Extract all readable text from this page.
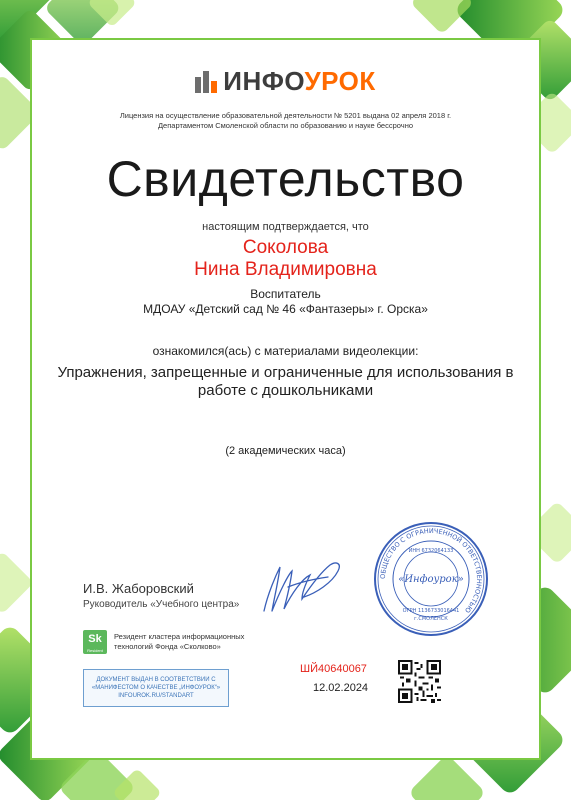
ИНФОУРОК
Лицензия на осуществление образовательной деятельности № 5201 выдана 02 апреля 2018 г.
Департаментом Смоленской области по образованию и науке бессрочно
Свидетельство
настоящим подтверждается, что
Соколова
Нина Владимировна
Воспитатель
МДОАУ «Детский сад № 46 «Фантазеры» г. Орска»
ознакомился(ась) с материалами видеолекции:
Упражнения, запрещенные и ограниченные для использования в
работе с дошкольниками
(2 академических часа)
И.В. Жаборовский
Руководитель «Учебного центра»
Sk
Resident
Резидент кластера информационных
технологий Фонда «Сколково»
ДОКУМЕНТ ВЫДАН В СООТВЕТСТВИИ С
«МАНИФЕСТОМ О КАЧЕСТВЕ „ИНФОУРОК“»
INFOUROK.RU/STANDART
ШЙ40640067
12.02.2024
ОБЩЕСТВО С ОГРАНИЧЕННОЙ ОТВЕТСТВЕННОСТЬЮ
ИНН 6732064133
ОГРН 1136733016441
г.СМОЛЕНСК
«Инфоурок»
